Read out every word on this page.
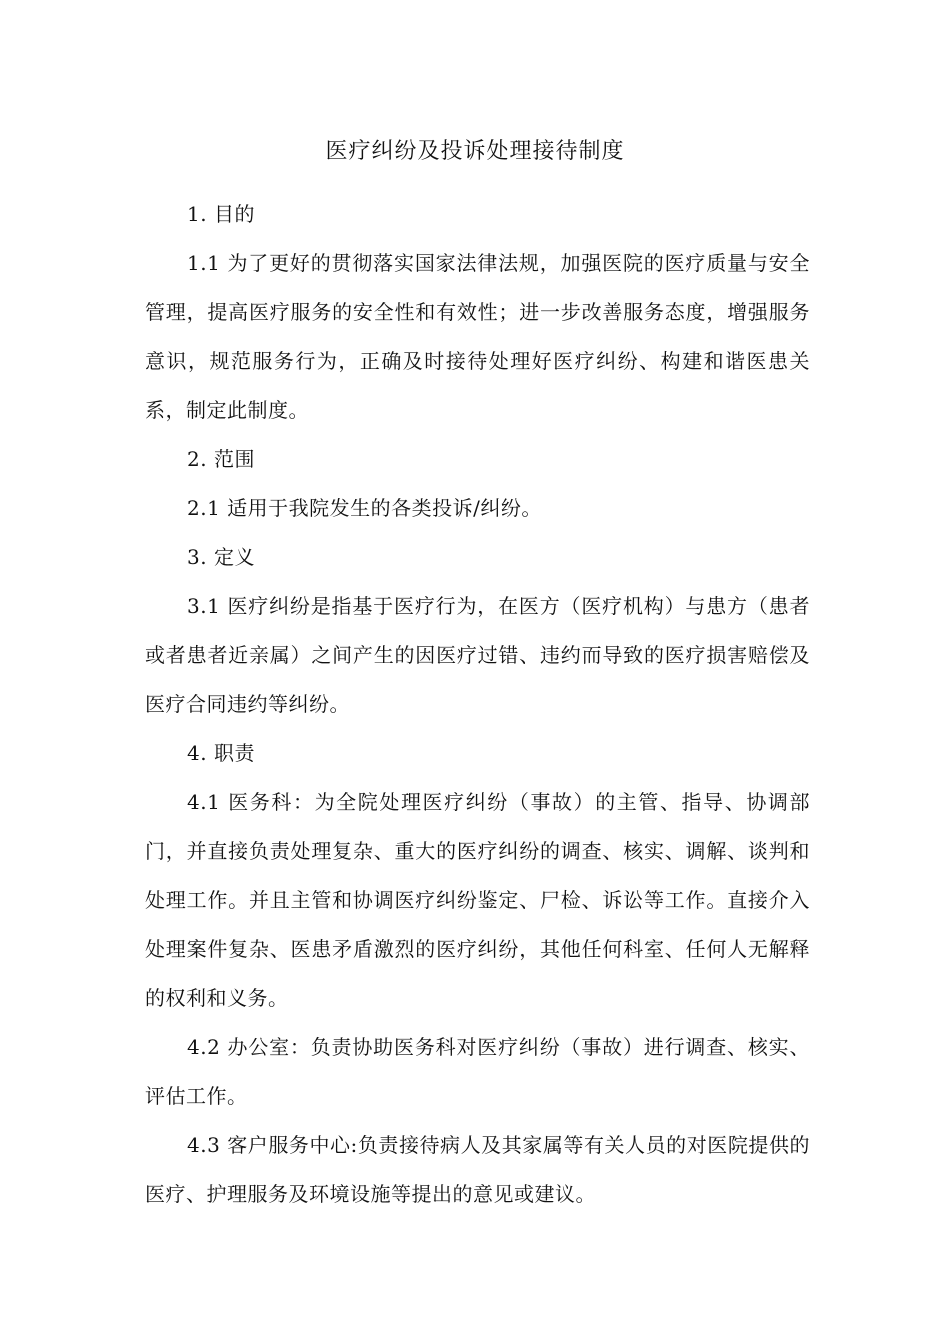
医疗纠纷及投诉处理接待制度

1. 目的

1.1 为了更好的贯彻落实国家法律法规，加强医院的医疗质量与安全管理，提高医疗服务的安全性和有效性；进一步改善服务态度，增强服务意识，规范服务行为，正确及时接待处理好医疗纠纷、构建和谐医患关系，制定此制度。

2. 范围

2.1 适用于我院发生的各类投诉/纠纷。

3. 定义

3.1 医疗纠纷是指基于医疗行为，在医方（医疗机构）与患方（患者或者患者近亲属）之间产生的因医疗过错、违约而导致的医疗损害赔偿及医疗合同违约等纠纷。

4. 职责

4.1 医务科：为全院处理医疗纠纷（事故）的主管、指导、协调部门，并直接负责处理复杂、重大的医疗纠纷的调查、核实、调解、谈判和处理工作。并且主管和协调医疗纠纷鉴定、尸检、诉讼等工作。直接介入处理案件复杂、医患矛盾激烈的医疗纠纷，其他任何科室、任何人无解释的权利和义务。

4.2 办公室：负责协助医务科对医疗纠纷（事故）进行调查、核实、评估工作。

4.3 客户服务中心:负责接待病人及其家属等有关人员的对医院提供的医疗、护理服务及环境设施等提出的意见或建议。
